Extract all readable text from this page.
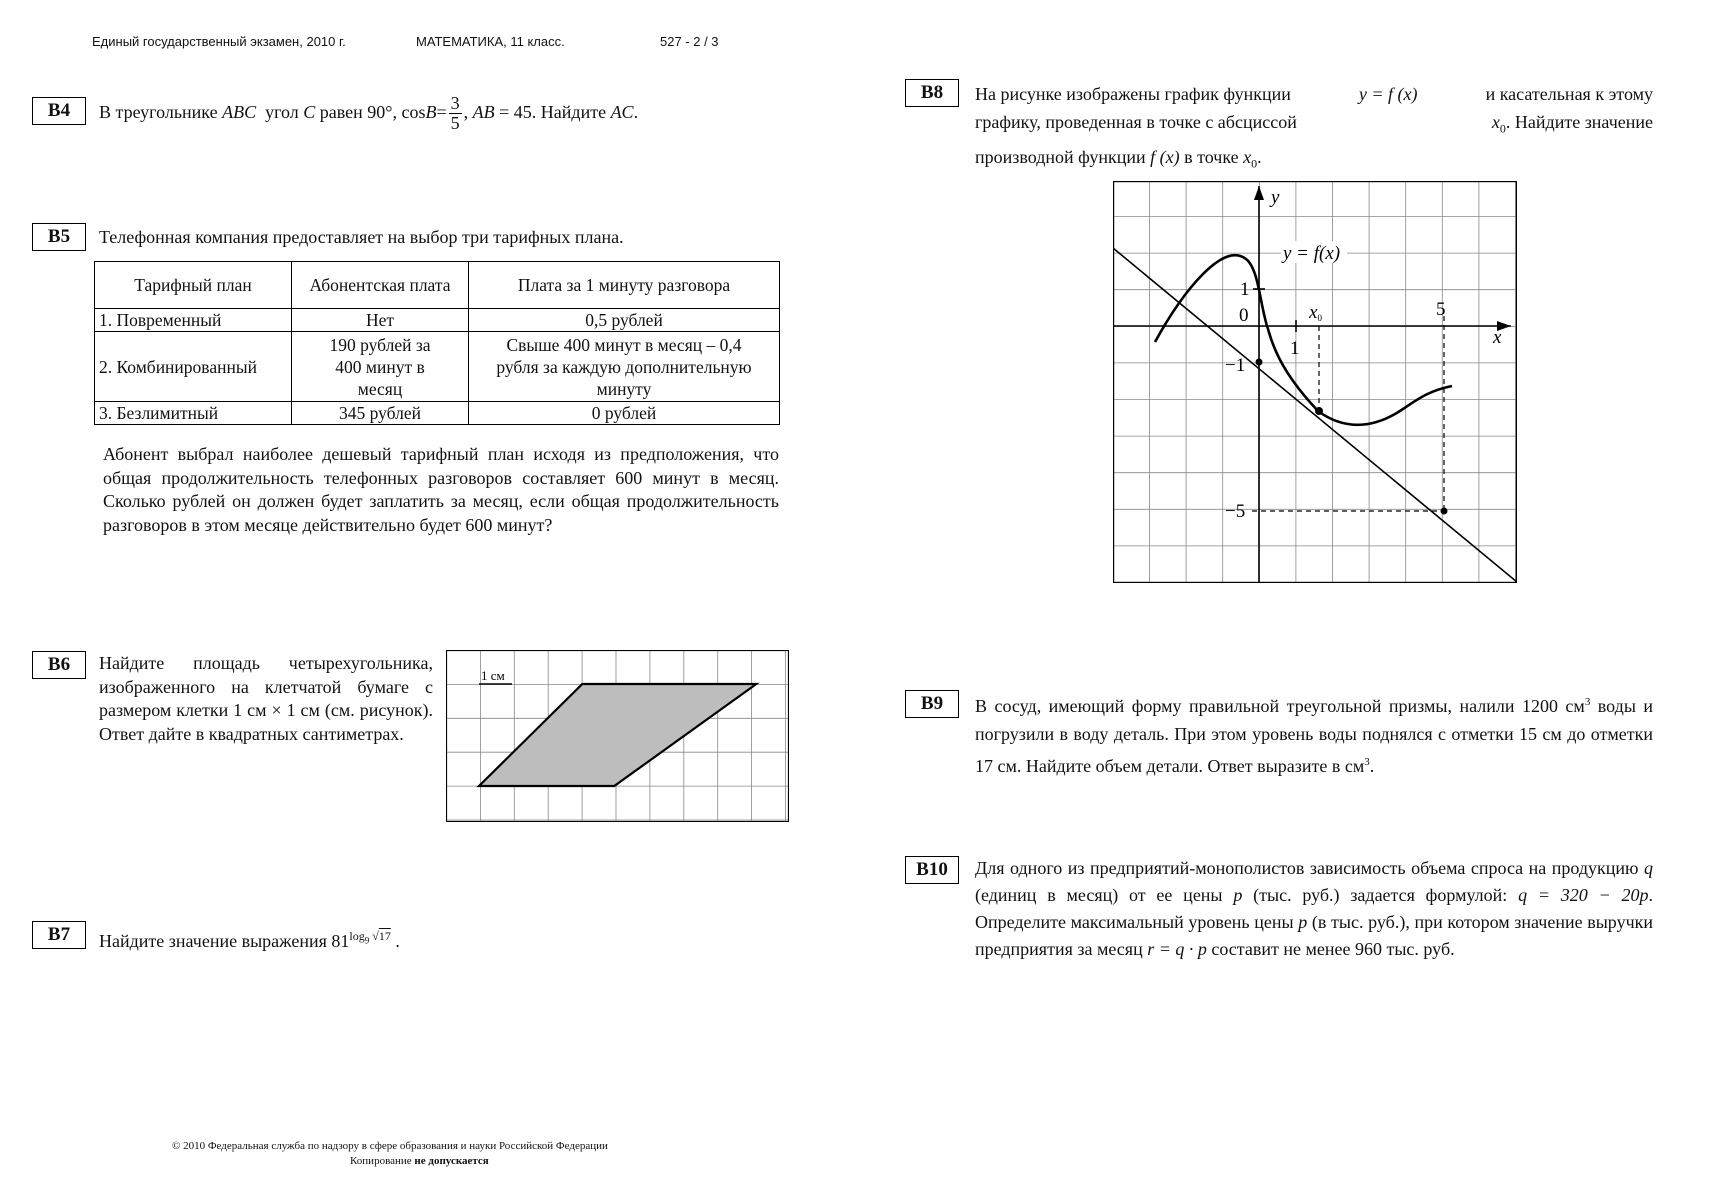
Единый государственный экзамен, 2010 г.	МАТЕМАТИКА, 11 класс.	527 - 2 / 3
B4	В треугольнике ABC угол C равен 90°, $\cos B= \frac{3}{5}$ , AB = 45. Найдите AC.
B5	Телефонная компания предоставляет на выбор три тарифных плана.
Тарифный план	Абонентская плата	Плата за 1 минуту разговора
1. Повременный	Нет	0,5 рублей
2. Комбинированный	190 рублей за 400 минут в месяц	Свыше 400 минут в месяц – 0,4 рубля за каждую дополнительную минуту
3. Безлимитный	345 рублей	0 рублей
Абонент выбрал наиболее дешевый тарифный план исходя из предположения, что общая продолжительность телефонных разговоров составляет 600 минут в месяц. Сколько рублей он должен будет заплатить за месяц, если общая продолжительность разговоров в этом месяце действительно будет 600 минут?
B6	Найдите площадь четырехугольника, изображенного на клетчатой бумаге с размером клетки 1 см × 1 см (см. рисунок). Ответ дайте в квадратных сантиметрах.
1 см
B7	Найдите значение выражения $81^{log_9 √17}$ .
B8	На рисунке изображены график функции	y = f (x)	и касательная к этому
графику, проведенная в точке с абсциссой	$x_0$. Найдите значение
производной функции f (x) в точке $x_0$.
y
x
y = f(x)
0
1
1
5
−1
−5
x0
B9	В сосуд, имеющий форму правильной треугольной призмы, налили 1200 $см^3$ воды и погрузили в воду деталь. При этом уровень воды поднялся с отметки 15 см до отметки 17 см. Найдите объем детали. Ответ выразите в $см^3$.
B10	Для одного из предприятий-монополистов зависимость объема спроса на продукцию q (единиц в месяц) от ее цены p (тыс. руб.) задается формулой: q = 320 − 20p. Определите максимальный уровень цены p (в тыс. руб.), при котором значение выручки предприятия за месяц r = q · p составит не менее 960 тыс. руб.
© 2010 Федеральная служба по надзору в сфере образования и науки Российской Федерации
Копирование не допускается
